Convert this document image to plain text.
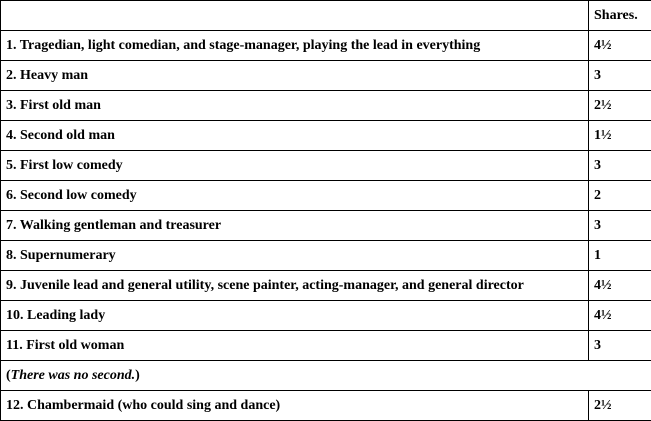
	Shares.
1. Tragedian, light comedian, and stage-manager, playing the lead in everything	4½
2. Heavy man	3
3. First old man	2½
4. Second old man	1½
5. First low comedy	3
6. Second low comedy	2
7. Walking gentleman and treasurer	3
8. Supernumerary	1
9. Juvenile lead and general utility, scene painter, acting-manager, and general director	4½
10. Leading lady	4½
11. First old woman	3
(There was no second.)	
12. Chambermaid (who could sing and dance)	2½
